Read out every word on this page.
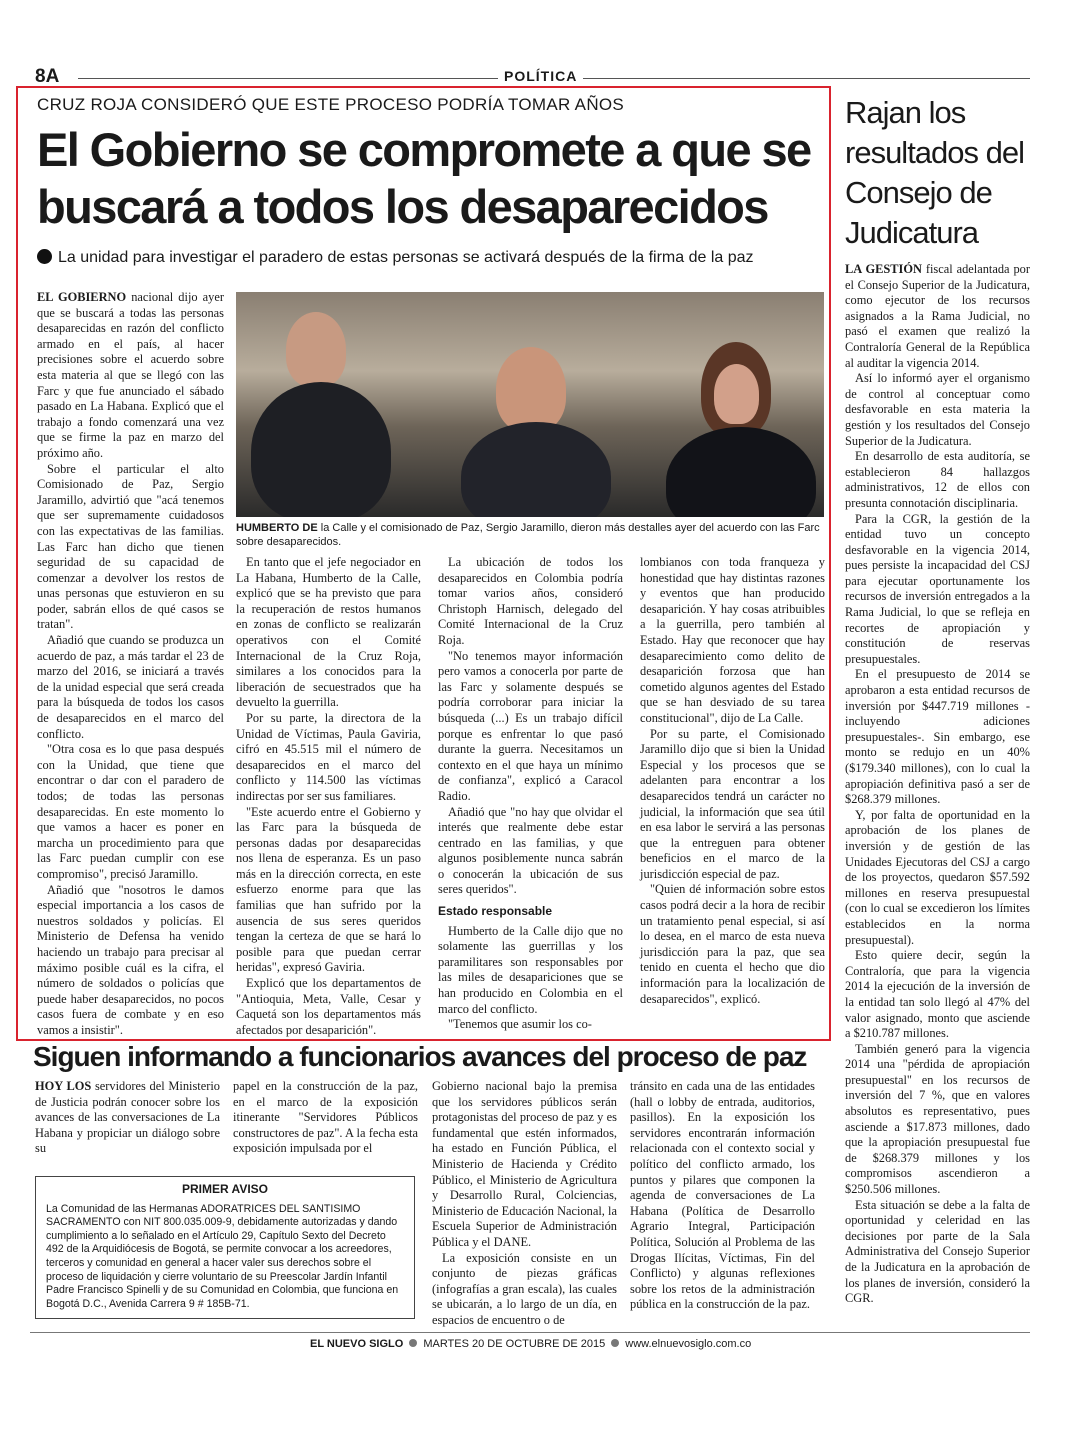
8A	POLÍTICA
CRUZ ROJA CONSIDERÓ QUE ESTE PROCESO PODRÍA TOMAR AÑOS
El Gobierno se compromete a que se buscará a todos los desaparecidos
La unidad para investigar el paradero de estas personas se activará después de la firma de la paz

EL GOBIERNO nacional dijo ayer que se buscará a todas las personas desaparecidas en razón del conflicto armado en el país, al hacer precisiones sobre el acuerdo sobre esta materia al que se llegó con las Farc y que fue anunciado el sábado pasado en La Habana. Explicó que el trabajo a fondo comenzará una vez que se firme la paz en marzo del próximo año.

Sobre el particular el alto Comisionado de Paz, Sergio Jaramillo, advirtió que "acá tenemos que ser supremamente cuidadosos con las expectativas de las familias. Las Farc han dicho que tienen seguridad de su capacidad de comenzar a devolver los restos de unas personas que estuvieron en su poder, sabrán ellos de qué casos se tratan".

Añadió que cuando se produzca un acuerdo de paz, a más tardar el 23 de marzo del 2016, se iniciará a través de la unidad especial que será creada para la búsqueda de todos los casos de desaparecidos en el marco del conflicto.

"Otra cosa es lo que pasa después con la Unidad, que tiene que encontrar o dar con el paradero de todos; de todas las personas desaparecidas. En este momento lo que vamos a hacer es poner en marcha un procedimiento para que las Farc puedan cumplir con ese compromiso", precisó Jaramillo.

Añadió que "nosotros le damos especial importancia a los casos de nuestros soldados y policías. El Ministerio de Defensa ha venido haciendo un trabajo para precisar al máximo posible cuál es la cifra, el número de soldados o policías que puede haber desaparecidos, no pocos casos fuera de combate y en eso vamos a insistir".

HUMBERTO DE la Calle y el comisionado de Paz, Sergio Jaramillo, dieron más destalles ayer del acuerdo con las Farc sobre desaparecidos.

En tanto que el jefe negociador en La Habana, Humberto de la Calle, explicó que se ha previsto que para la recuperación de restos humanos en zonas de conflicto se realizarán operativos con el Comité Internacional de la Cruz Roja, similares a los conocidos para la liberación de secuestrados que ha devuelto la guerrilla.

Por su parte, la directora de la Unidad de Víctimas, Paula Gaviria, cifró en 45.515 mil el número de desaparecidos en el marco del conflicto y 114.500 las víctimas indirectas por ser sus familiares.

"Este acuerdo entre el Gobierno y las Farc para la búsqueda de personas dadas por desaparecidas nos llena de esperanza. Es un paso más en la dirección correcta, en este esfuerzo enorme para que las familias que han sufrido por la ausencia de sus seres queridos tengan la certeza de que se hará lo posible para que puedan cerrar heridas", expresó Gaviria.

Explicó que los departamentos de "Antioquia, Meta, Valle, Cesar y Caquetá son los departamentos más afectados por desaparición".

La ubicación de todos los desaparecidos en Colombia podría tomar varios años, consideró Christoph Harnisch, delegado del Comité Internacional de la Cruz Roja.

"No tenemos mayor información pero vamos a conocerla por parte de las Farc y solamente después se podría corroborar para iniciar la búsqueda (...) Es un trabajo difícil porque es enfrentar lo que pasó durante la guerra. Necesitamos un contexto en el que haya un mínimo de confianza", explicó a Caracol Radio.

Añadió que "no hay que olvidar el interés que realmente debe estar centrado en las familias, y que algunos posiblemente nunca sabrán o conocerán la ubicación de sus seres queridos".

Estado responsable

Humberto de la Calle dijo que no solamente las guerrillas y los paramilitares son responsables por las miles de desapariciones que se han producido en Colombia en el marco del conflicto.

"Tenemos que asumir los co-

lombianos con toda franqueza y honestidad que hay distintas razones y eventos que han producido desaparición. Y hay cosas atribuibles a la guerrilla, pero también al Estado. Hay que reconocer que hay desaparecimiento como delito de desaparición forzosa que han cometido algunos agentes del Estado que se han desviado de su tarea constitucional", dijo de La Calle.

Por su parte, el Comisionado Jaramillo dijo que si bien la Unidad Especial y los procesos que se adelanten para encontrar a los desaparecidos tendrá un carácter no judicial, la información que sea útil en esa labor le servirá a las personas que la entreguen para obtener beneficios en el marco de la jurisdicción especial de paz.

"Quien dé información sobre estos casos podrá decir a la hora de recibir un tratamiento penal especial, si así lo desea, en el marco de esta nueva jurisdicción para la paz, que sea tenido en cuenta el hecho que dio información para la localización de desaparecidos", explicó.

Rajan los resultados del Consejo de Judicatura

LA GESTIÓN fiscal adelantada por el Consejo Superior de la Judicatura, como ejecutor de los recursos asignados a la Rama Judicial, no pasó el examen que realizó la Contraloría General de la República al auditar la vigencia 2014.

Así lo informó ayer el organismo de control al conceptuar como desfavorable en esta materia la gestión y los resultados del Consejo Superior de la Judicatura.

En desarrollo de esta auditoría, se establecieron 84 hallazgos administrativos, 12 de ellos con presunta connotación disciplinaria.

Para la CGR, la gestión de la entidad tuvo un concepto desfavorable en la vigencia 2014, pues persiste la incapacidad del CSJ para ejecutar oportunamente los recursos de inversión entregados a la Rama Judicial, lo que se refleja en recortes de apropiación y constitución de reservas presupuestales.

En el presupuesto de 2014 se aprobaron a esta entidad recursos de inversión por $447.719 millones -incluyendo adiciones presupuestales-. Sin embargo, ese monto se redujo en un 40% ($179.340 millones), con lo cual la apropiación definitiva pasó a ser de $268.379 millones.

Y, por falta de oportunidad en la aprobación de los planes de inversión y de gestión de las Unidades Ejecutoras del CSJ a cargo de los proyectos, quedaron $57.592 millones en reserva presupuestal (con lo cual se excedieron los límites establecidos en la norma presupuestal).

Esto quiere decir, según la Contraloría, que para la vigencia 2014 la ejecución de la inversión de la entidad tan solo llegó al 47% del valor asignado, monto que asciende a $210.787 millones.

También generó para la vigencia 2014 una "pérdida de apropiación presupuestal" en los recursos de inversión del 7 %, que en valores absolutos es representativo, pues asciende a $17.873 millones, dado que la apropiación presupuestal fue de $268.379 millones y los compromisos ascendieron a $250.506 millones.

Esta situación se debe a la falta de oportunidad y celeridad en las decisiones por parte de la Sala Administrativa del Consejo Superior de la Judicatura en la aprobación de los planes de inversión, consideró la CGR.

Siguen informando a funcionarios avances del proceso de paz

HOY LOS servidores del Ministerio de Justicia podrán conocer sobre los avances de las conversaciones de La Habana y propiciar un diálogo sobre su

papel en la construcción de la paz, en el marco de la exposición itinerante "Servidores Públicos constructores de paz". A la fecha esta exposición impulsada por el

Gobierno nacional bajo la premisa que los servidores públicos serán protagonistas del proceso de paz y es fundamental que estén informados, ha estado en Función Pública, el Ministerio de Hacienda y Crédito Público, el Ministerio de Agricultura y Desarrollo Rural, Colciencias, Ministerio de Educación Nacional, la Escuela Superior de Administración Pública y el DANE.

La exposición consiste en un conjunto de piezas gráficas (infografías a gran escala), las cuales se ubicarán, a lo largo de un día, en espacios de encuentro o de

tránsito en cada una de las entidades (hall o lobby de entrada, auditorios, pasillos). En la exposición los servidores encontrarán información relacionada con el contexto social y político del conflicto armado, los puntos y pilares que componen la agenda de conversaciones de La Habana (Política de Desarrollo Agrario Integral, Participación Política, Solución al Problema de las Drogas Ilícitas, Víctimas, Fin del Conflicto) y algunas reflexiones sobre los retos de la administración pública en la construcción de la paz.

PRIMER AVISO
La Comunidad de las Hermanas ADORATRICES DEL SANTISIMO SACRAMENTO con NIT 800.035.009-9, debidamente autorizadas y dando cumplimiento a lo señalado en el Artículo 29, Capítulo Sexto del Decreto 492 de la Arquidiócesis de Bogotá, se permite convocar a los acreedores, terceros y comunidad en general a hacer valer sus derechos sobre el proceso de liquidación y cierre voluntario de su Preescolar Jardín Infantil Padre Francisco Spinelli y de su Comunidad en Colombia, que funciona en Bogotá D.C., Avenida Carrera 9 # 185B-71.
EL NUEVO SIGLO MARTES 20 DE OCTUBRE DE 2015 www.elnuevosiglo.com.co
